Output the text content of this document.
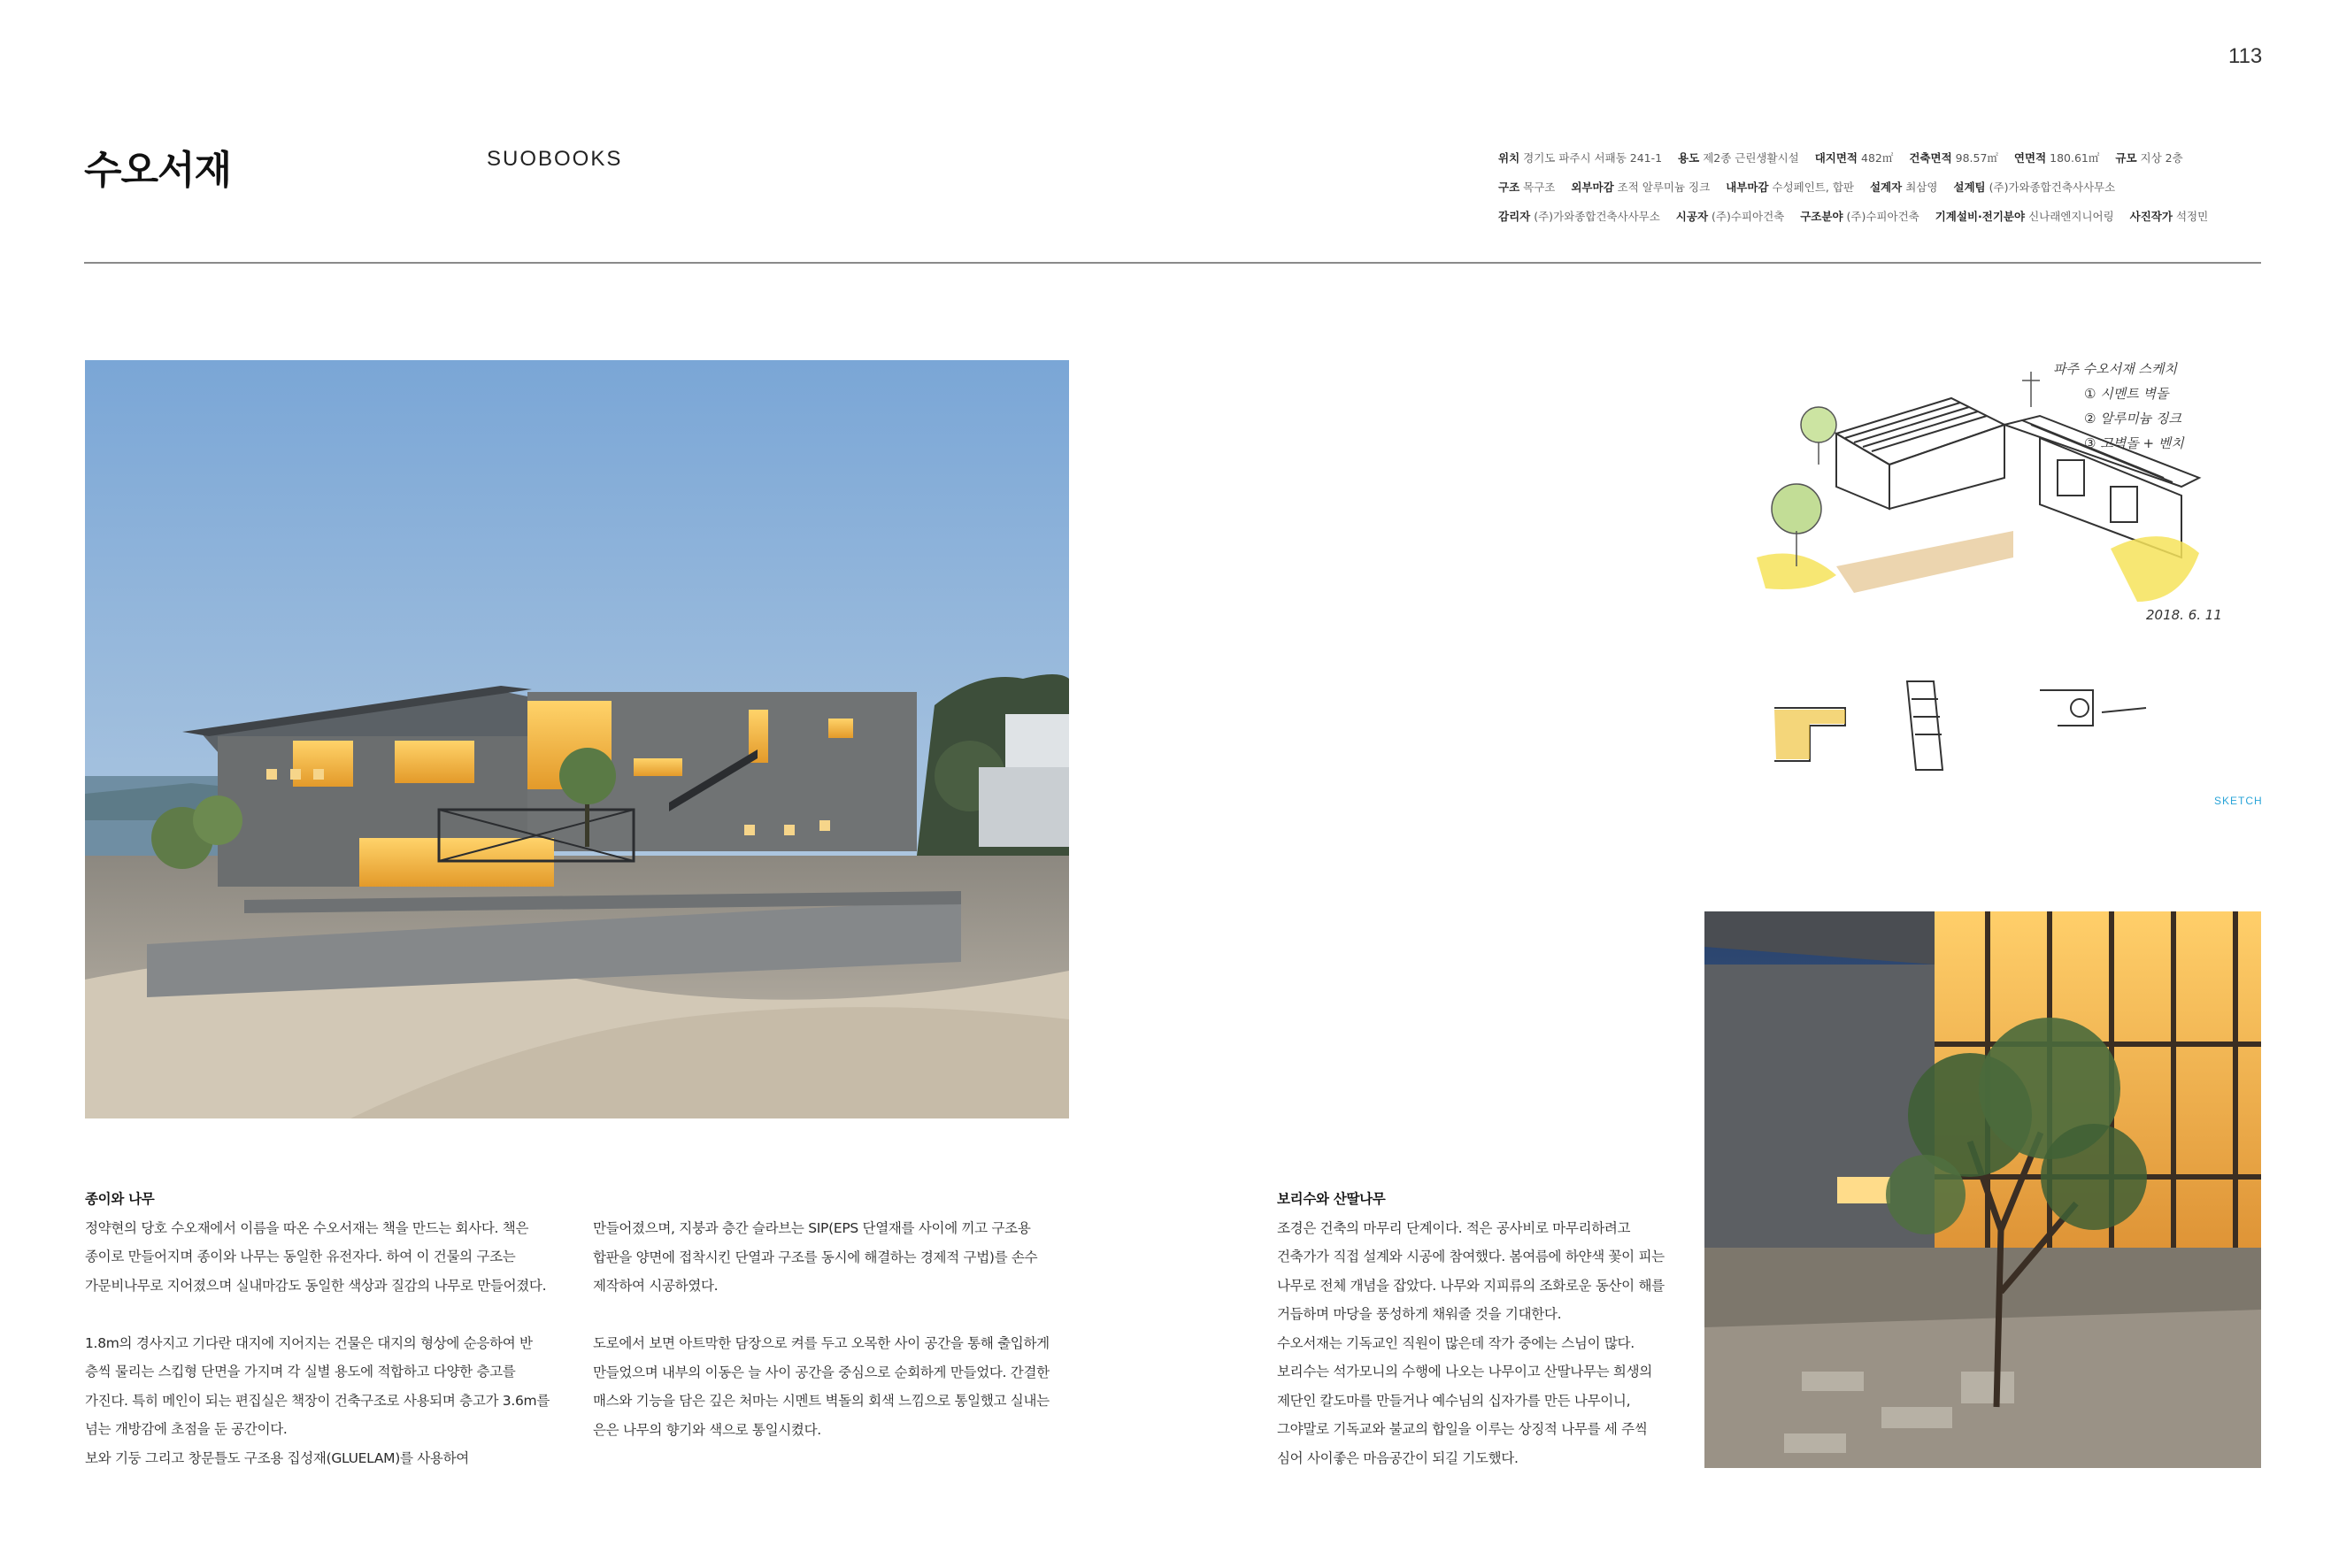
113
수오서재	SUOBOOKS	위치 경기도 파주시 서패동 241-1 용도 제2종 근린생활시설 대지면적 482㎡ 건축면적 98.57㎡ 연면적 180.61㎡ 규모 지상 2층 구조 목구조 외부마감 조적 알루미늄 징크 내부마감 수성페인트, 합판 설계자 최삼영 설계팀 (주)가와종합건축사사무소 감리자 (주)가와종합건축사사무소 시공자 (주)수피아건축 구조분야 (주)수피아건축 기계설비·전기분야 신나래엔지니어링 사진작가 석정민
파주 수오서재 스케치
① 시멘트 벽돌
② 알루미늄 징크
③ 고벽돌 + 벤치
2018. 6. 11
SKETCH

종이와 나무

정약현의 당호 수오재에서 이름을 따온 수오서재는 책을 만드는 회사다. 책은

종이로 만들어지며 종이와 나무는 동일한 유전자다. 하여 이 건물의 구조는

가문비나무로 지어졌으며 실내마감도 동일한 색상과 질감의 나무로 만들어졌다.

1.8m의 경사지고 기다란 대지에 지어지는 건물은 대지의 형상에 순응하여 반

층씩 물리는 스킵형 단면을 가지며 각 실별 용도에 적합하고 다양한 층고를

가진다. 특히 메인이 되는 편집실은 책장이 건축구조로 사용되며 층고가 3.6m를

넘는 개방감에 초점을 둔 공간이다.

보와 기둥 그리고 창문틀도 구조용 집성재(GLUELAM)를 사용하여

만들어졌으며, 지붕과 층간 슬라브는 SIP(EPS 단열재를 사이에 끼고 구조용

합판을 양면에 접착시킨 단열과 구조를 동시에 해결하는 경제적 구법)를 손수

제작하여 시공하였다.

도로에서 보면 아트막한 담장으로 켜를 두고 오목한 사이 공간을 통해 출입하게

만들었으며 내부의 이동은 늘 사이 공간을 중심으로 순회하게 만들었다. 간결한

매스와 기능을 담은 깊은 처마는 시멘트 벽돌의 회색 느낌으로 통일했고 실내는

은은 나무의 향기와 색으로 통일시켰다.

보리수와 산딸나무

조경은 건축의 마무리 단계이다. 적은 공사비로 마무리하려고

건축가가 직접 설계와 시공에 참여했다. 봄여름에 하얀색 꽃이 피는

나무로 전체 개념을 잡았다. 나무와 지피류의 조화로운 동산이 해를

거듭하며 마당을 풍성하게 채워줄 것을 기대한다.

수오서재는 기독교인 직원이 많은데 작가 중에는 스님이 많다.

보리수는 석가모니의 수행에 나오는 나무이고 산딸나무는 희생의

제단인 칼도마를 만들거나 예수님의 십자가를 만든 나무이니,

그야말로 기독교와 불교의 합일을 이루는 상징적 나무를 세 주씩

심어 사이좋은 마음공간이 되길 기도했다.
